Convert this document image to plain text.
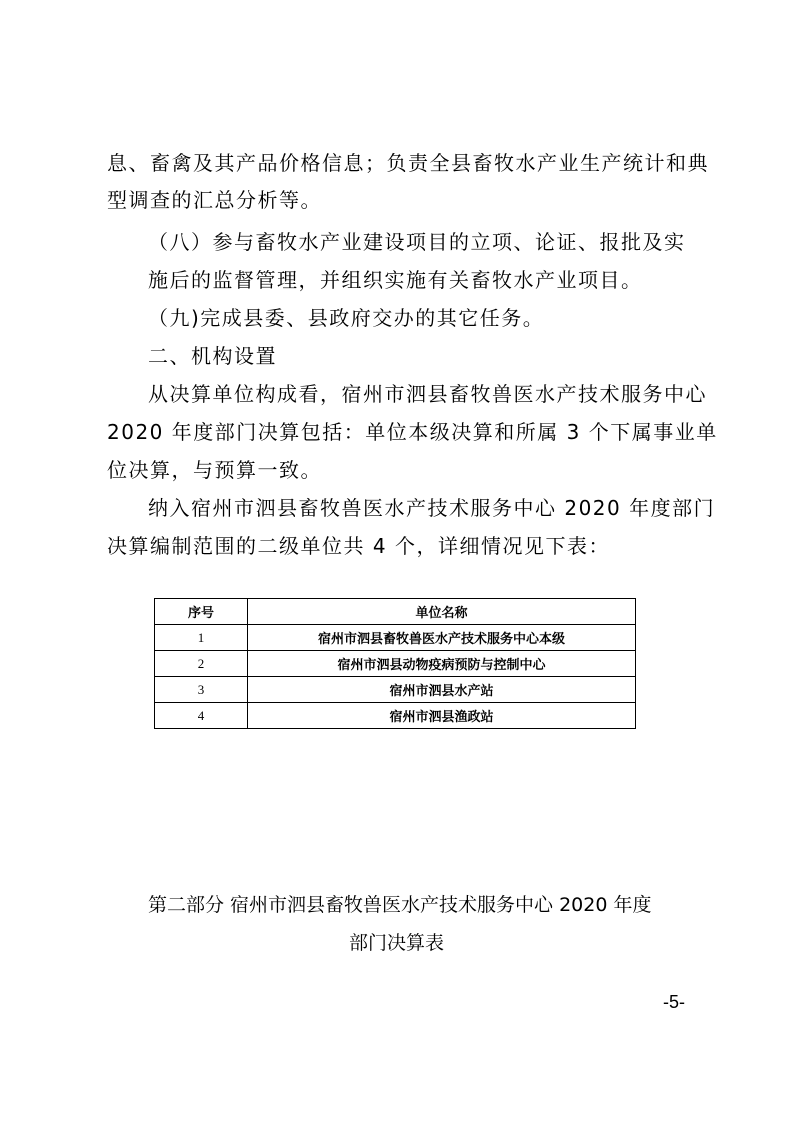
息、畜禽及其产品价格信息；负责全县畜牧水产业生产统计和典
型调查的汇总分析等。
（八）参与畜牧水产业建设项目的立项、论证、报批及实
施后的监督管理，并组织实施有关畜牧水产业项目。
（九)完成县委、县政府交办的其它任务。
二、机构设置
从决算单位构成看，宿州市泗县畜牧兽医水产技术服务中心
2020 年度部门决算包括：单位本级决算和所属 3 个下属事业单
位决算，与预算一致。
纳入宿州市泗县畜牧兽医水产技术服务中心 2020 年度部门
决算编制范围的二级单位共 4 个，详细情况见下表：
序号	单位名称
1	宿州市泗县畜牧兽医水产技术服务中心本级
2	宿州市泗县动物疫病预防与控制中心
3	宿州市泗县水产站
4	宿州市泗县渔政站
第二部分 宿州市泗县畜牧兽医水产技术服务中心 2020 年度
部门决算表
-5-
